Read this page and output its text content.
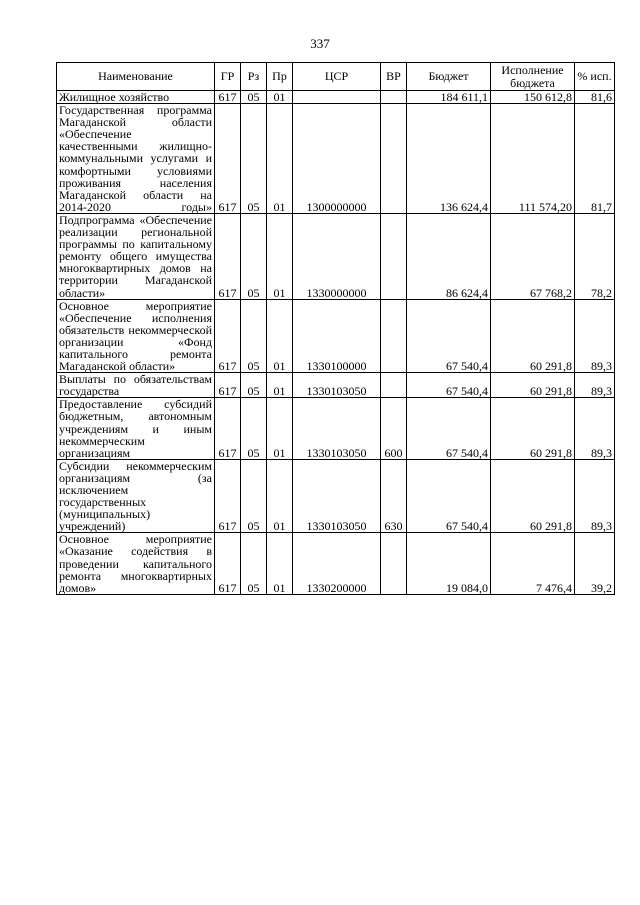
337
Наименование	ГР	Рз	Пр	ЦСР	ВР	Бюджет	Исполнение бюджета	% исп.
Жилищное хозяйство	617	05	01			184 611,1	150 612,8	81,6
Государственная программа Магаданской области «Обеспечение качественными жилищно-коммунальными услугами и комфортными условиями проживания населения Магаданской области на 2014-2020 годы»	617	05	01	1300000000		136 624,4	111 574,20	81,7
Подпрограмма «Обеспечение реализации региональной программы по капитальному ремонту общего имущества многоквартирных домов на территории Магаданской области»	617	05	01	1330000000		86 624,4	67 768,2	78,2
Основное мероприятие «Обеспечение исполнения обязательств некоммерческой организации «Фонд капитального ремонта Магаданской области»	617	05	01	1330100000		67 540,4	60 291,8	89,3
Выплаты по обязательствам государства	617	05	01	1330103050		67 540,4	60 291,8	89,3
Предоставление субсидий бюджетным, автономным учреждениям и иным некоммерческим организациям	617	05	01	1330103050	600	67 540,4	60 291,8	89,3
Субсидии некоммерческим организациям (за исключением государственных (муниципальных) учреждений)	617	05	01	1330103050	630	67 540,4	60 291,8	89,3
Основное мероприятие «Оказание содействия в проведении капитального ремонта многоквартирных домов»	617	05	01	1330200000		19 084,0	7 476,4	39,2
